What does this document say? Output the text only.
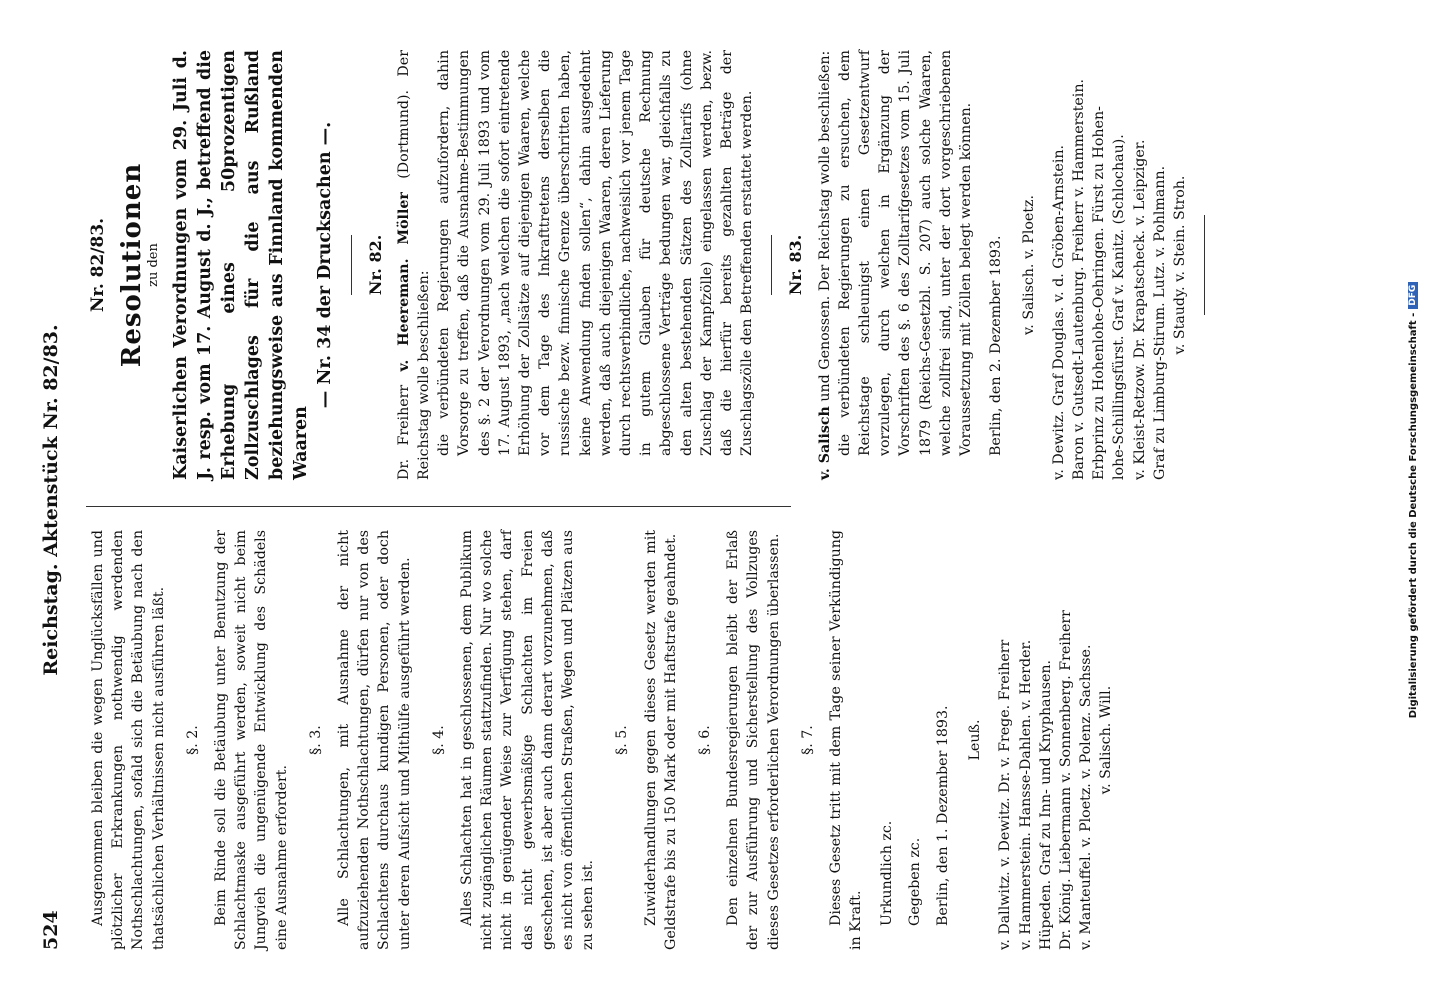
524
Reichstag. Aktenstück Nr. 82/83.

Ausgenommen bleiben die wegen Unglücksfällen und plötzlicher Erkrankungen nothwendig werdenden Nothschlachtungen, sofald sich die Betäubung nach den thatsächlichen Verhältnissen nicht ausführen läßt. §. 2. Beim Rinde soll die Betäubung unter Benutzung der Schlachtmaske ausgeführt werden, soweit nicht beim Jungvieh die ungenügende Entwicklung des Schädels eine Ausnahme erfordert.

§. 3. Alle Schlachtungen, mit Ausnahme der nicht aufzuziehenden Nothschlachtungen, dürfen nur von des Schlachtens durchaus kundigen Personen, oder doch unter deren Aufsicht und Mithülfe ausgeführt werden. §. 4. Alles Schlachten hat in geschlossenen, dem Publikum nicht zugänglichen Räumen stattzufinden. Nur wo solche nicht in genügender Weise zur Verfügung stehen, darf das nicht gewerbsmäßige Schlachten im Freien geschehen, ist aber auch dann derart vorzunehmen, daß es nicht von öffentlichen Straßen, Wegen und Plätzen aus zu sehen ist.

§. 5. Zuwiderhandlungen gegen dieses Gesetz werden mit Geldstrafe bis zu 150 Mark oder mit Haftstrafe geahndet. §. 6. Den einzelnen Bundesregierungen bleibt der Erlaß der zur Ausführung und Sicherstellung des Vollzuges dieses Gesetzes erforderlichen Verordnungen überlassen. §. 7. Dieses Gesetz tritt mit dem Tage seiner Verkündigung in Kraft. Urkundlich zc. Gegeben zc. Berlin, den 1. Dezember 1893. Leuß. v. Dallwitz. v. Dewitz. Dr. v. Frege. Freiherr v. Hammerstein. Hansse-Dahlen. v. Herder. Hüpeden. Graf zu Inn- und Knyphausen. Dr. König. Liebermann v. Sonnenberg. Freiherr v. Manteuffel. v. Ploetz. v. Polenz. Sachsse. v. Salisch. Will.

Nr. 82/83. Resolutionen zu den Kaiserlichen Verordnungen vom 29. Juli d. J. resp. vom 17. August d. J., betreffend die Erhebung eines 50prozentigen Zollzuschlages für die aus Rußland beziehungsweise aus Finnland kommenden Waaren

— Nr. 34 der Drucksachen —. Nr. 82.

Dr. Freiherr v. Heereman. Möller (Dortmund). Der Reichstag wolle beschließen: die verbündeten Regierungen aufzufordern, dahin Vorsorge zu treffen, daß die Ausnahme-Bestimmungen des §. 2 der Verordnungen vom 29. Juli 1893 und vom 17. August 1893, „nach welchen die sofort eintretende Erhöhung der Zollsätze auf diejenigen Waaren, welche vor dem Tage des Inkrafttretens derselben die russische bezw. finnische Grenze überschritten haben, keine Anwendung finden sollen“, dahin ausgedehnt werden, daß auch diejenigen Waaren, deren Lieferung durch rechtsverbindliche, nachweislich vor jenem Tage in gutem Glauben für deutsche Rechnung abgeschlossene Verträge bedungen war, gleichfalls zu den alten bestehenden Sätzen des Zolltarifs (ohne Zuschlag der Kampfzölle) eingelassen werden, bezw. daß die hierfür bereits gezahlten Beträge der Zuschlagszölle den Betreffenden erstattet werden. Nr. 83.

v. Salisch und Genossen. Der Reichstag wolle beschließen: die verbündeten Regierungen zu ersuchen, dem Reichstage schleunigst einen Gesetzentwurf vorzulegen, durch welchen in Ergänzung der Vorschriften des §. 6 des Zolltarifgesetzes vom 15. Juli 1879 (Reichs-Gesetzbl. S. 207) auch solche Waaren, welche zollfrei sind, unter der dort vorgeschriebenen Voraussetzung mit Zöllen belegt werden können. Berlin, den 2. Dezember 1893. v. Salisch. v. Ploetz. v. Dewitz. Graf Douglas. v. d. Gröben-Arnstein. Baron v. Gutsedt-Lautenburg. Freiherr v. Hammerstein. Erbprinz zu Hohenlohe-Oehringen. Fürst zu Hohen- lohe-Schillingsfürst. Graf v. Kanitz. (Schlochau). v. Kleist-Retzow. Dr. Krapatscheck. v. Leipziger. Graf zu Limburg-Stirum. Lutz. v. Pohlmann. v. Staudy. v. Stein. Stroh.

Digitalisierung gefördert durch die Deutsche Forschungsgemeinschaft -DFG
